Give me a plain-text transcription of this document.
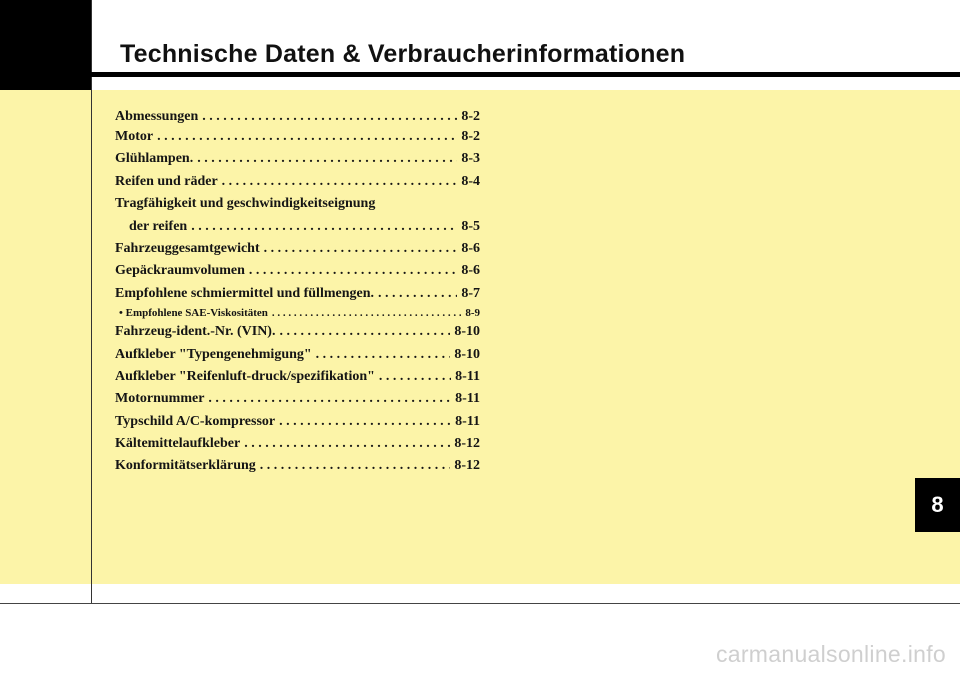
Technische Daten & Verbraucherinformationen
Abmessungen . . .	8-2
Motor . . .	8-2
Glühlampen. . . .	8-3
Reifen und räder . . .	8-4
Tragfähigkeit und geschwindigkeitseignung
der reifen . . .	8-5
Fahrzeuggesamtgewicht . . .	8-6
Gepäckraumvolumen . . .	8-6
Empfohlene schmiermittel und füllmengen. . . .	8-7
• Empfohlene SAE-Viskositäten . . .	8-9
Fahrzeug-ident.-Nr. (VIN). . . .	8-10
Aufkleber "Typengenehmigung" . . .	8-10
Aufkleber "Reifenluft-druck/spezifikation" . . .	8-11
Motornummer . . .	8-11
Typschild A/C-kompressor . . .	8-11
Kältemittelaufkleber . . .	8-12
Konformitätserklärung . . .	8-12
8
carmanualsonline.info
